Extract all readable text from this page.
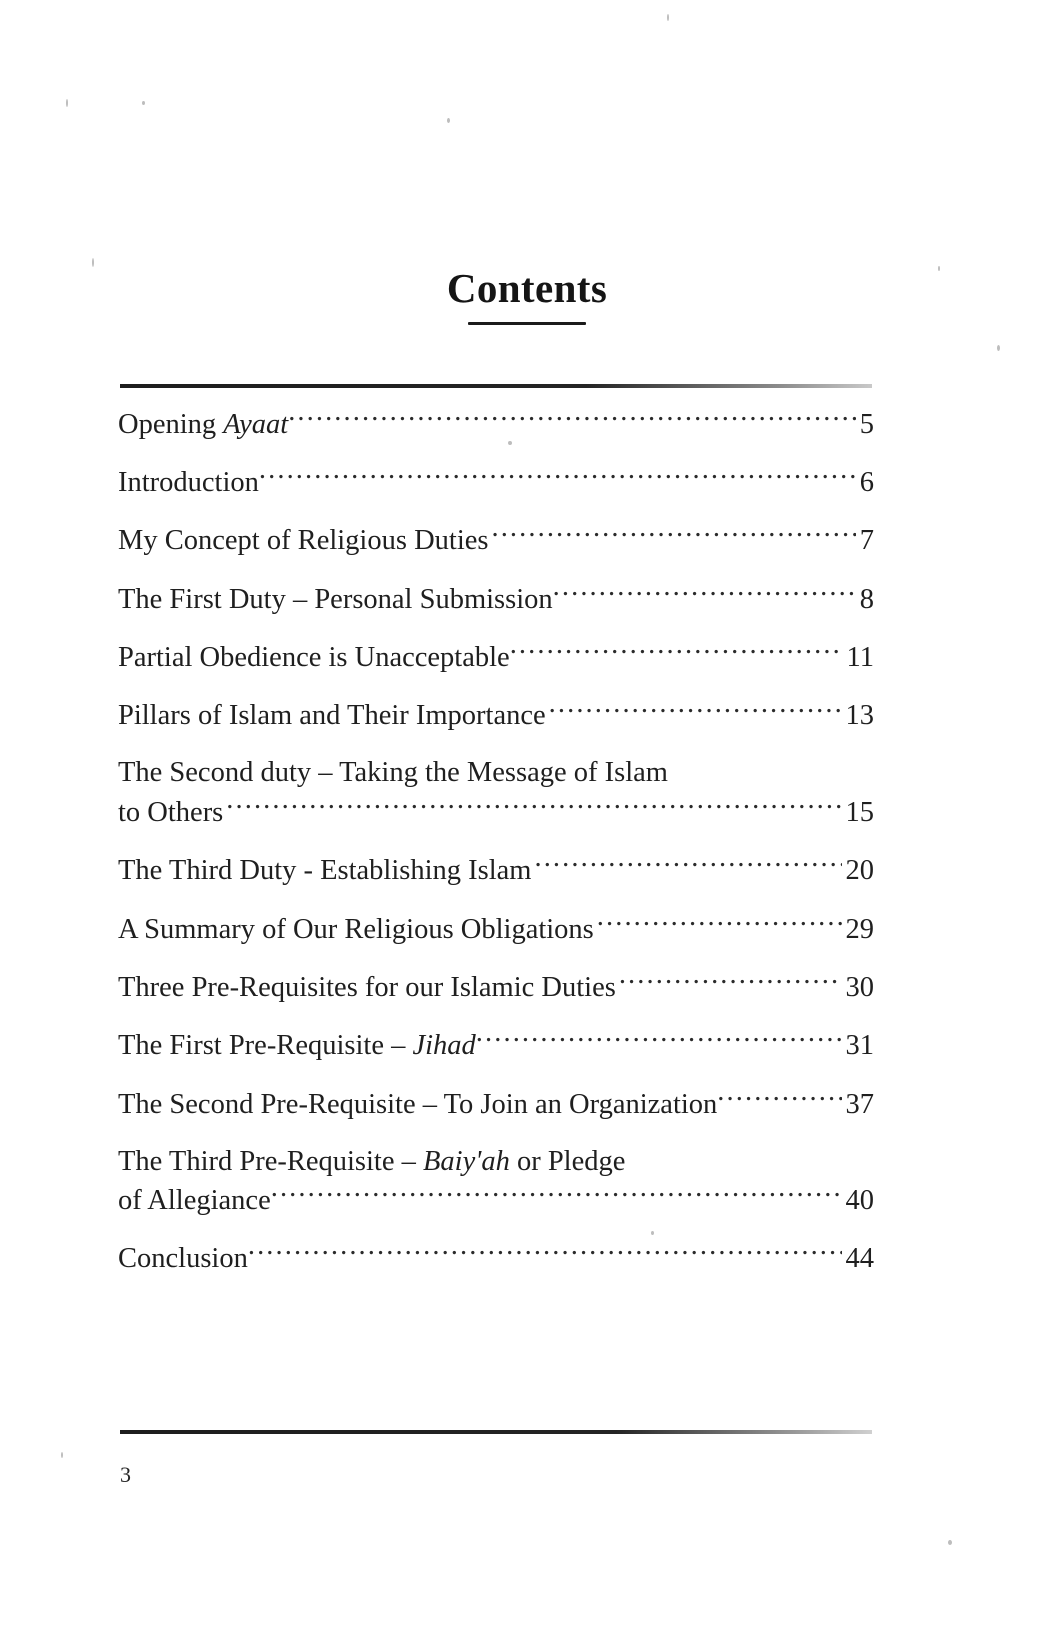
Contents
Opening Ayaat .....	5
Introduction .....	6
My Concept of Religious Duties .....	7
The First Duty – Personal Submission .....	8
Partial Obedience is Unacceptable .....	11
Pillars of Islam and Their Importance .....	13
The Second duty – Taking the Message of Islam
to Others .....	15
The Third Duty - Establishing Islam .....	20
A Summary of Our Religious Obligations .....	29
Three Pre-Requisites for our Islamic Duties .....	30
The First Pre-Requisite – Jihad .....	31
The Second Pre-Requisite – To Join an Organization .....	37
The Third Pre-Requisite – Baiy'ah or Pledge
of Allegiance .....	40
Conclusion .....	44
3
